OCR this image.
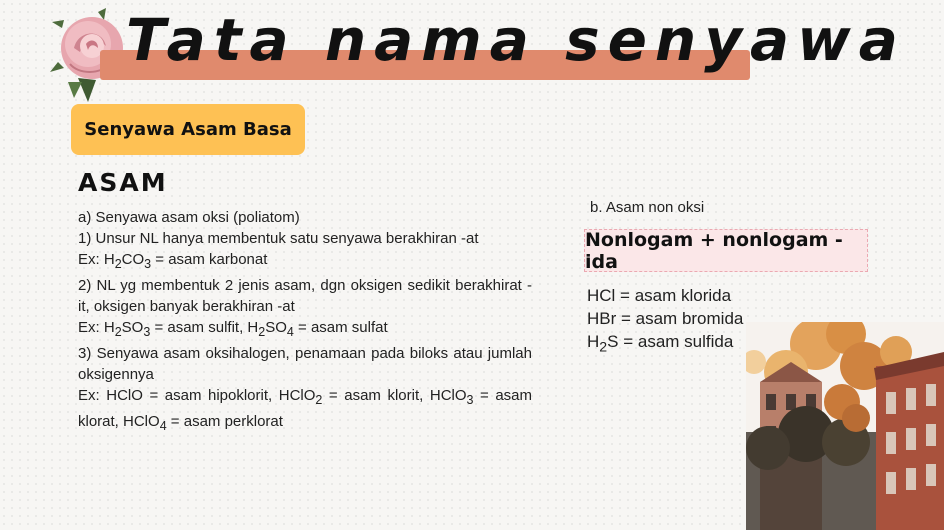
Tata nama senyawa
Senyawa Asam Basa
ASAM

a) Senyawa asam oksi (poliatom)

1) Unsur NL hanya membentuk satu senyawa berakhiran -at

Ex: $H_2CO_3$ = asam karbonat

2) NL yg membentuk 2 jenis asam, dgn oksigen sedikit berakhirat -it, oksigen banyak berakhiran -at

Ex: $H_2SO_3$ = asam sulfit, $H_2SO_4$ = asam sulfat

3) Senyawa asam oksihalogen, penamaan pada biloks atau jumlah oksigennya

Ex: HClO = asam hipoklorit, HClO$_2$ = asam klorit, HClO$_3$ = asam klorat, HClO$_4$ = asam perklorat

b. Asam non oksi
Nonlogam + nonlogam -ida
HCl = asam klorida
HBr = asam bromida
$H_2S$ = asam sulfida
